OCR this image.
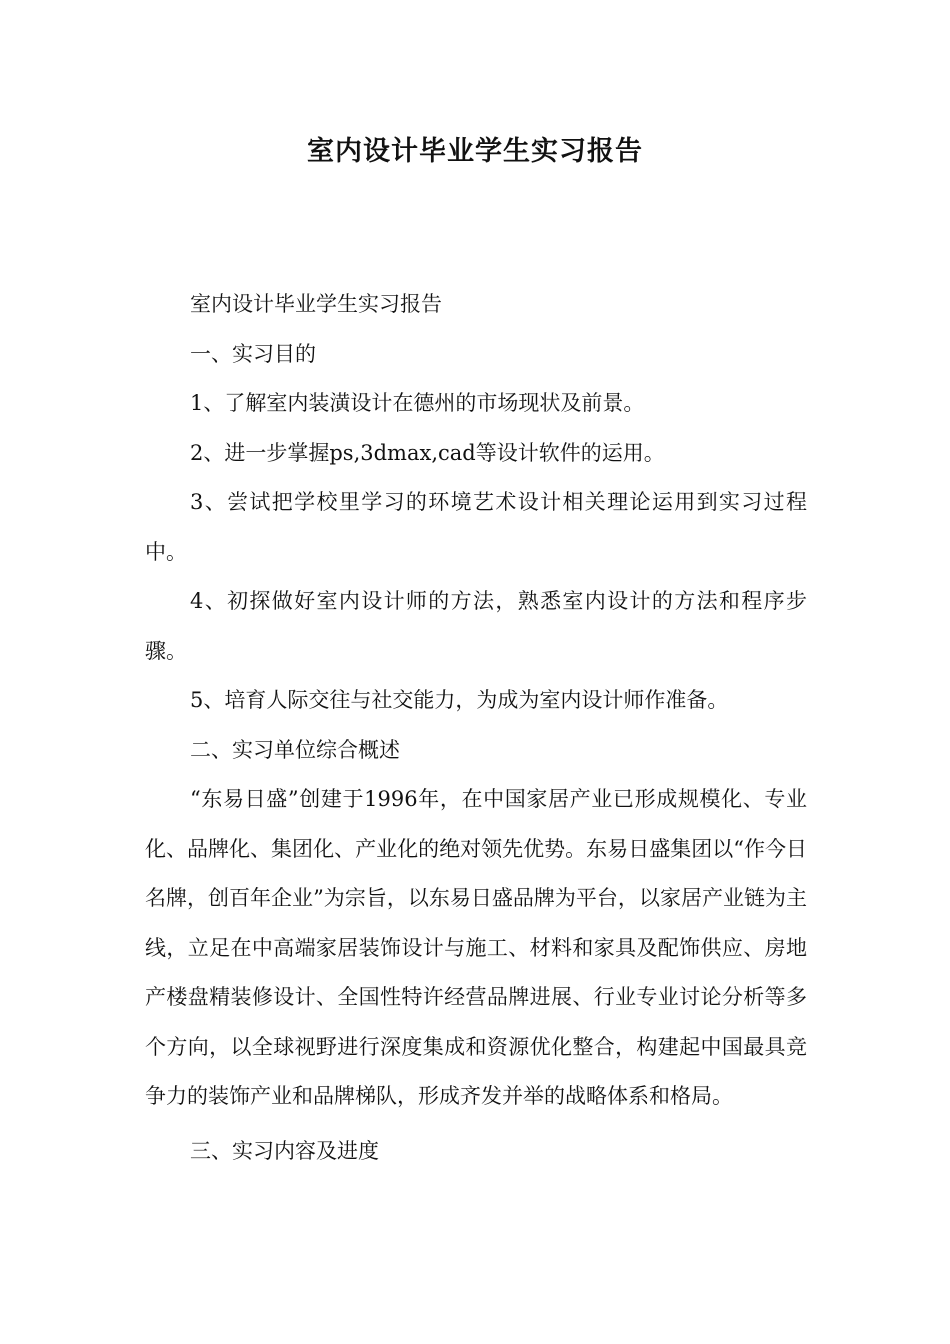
室内设计毕业学生实习报告

室内设计毕业学生实习报告

一、实习目的

1、了解室内装潢设计在德州的市场现状及前景。

2、进一步掌握ps,3dmax,cad等设计软件的运用。

3、尝试把学校里学习的环境艺术设计相关理论运用到实习过程中。

4、初探做好室内设计师的方法，熟悉室内设计的方法和程序步骤。

5、培育人际交往与社交能力，为成为室内设计师作准备。

二、实习单位综合概述

“东易日盛”创建于1996年，在中国家居产业已形成规模化、专业化、品牌化、集团化、产业化的绝对领先优势。东易日盛集团以“作今日名牌，创百年企业”为宗旨，以东易日盛品牌为平台，以家居产业链为主线，立足在中高端家居装饰设计与施工、材料和家具及配饰供应、房地产楼盘精装修设计、全国性特许经营品牌进展、行业专业讨论分析等多个方向，以全球视野进行深度集成和资源优化整合，构建起中国最具竞争力的装饰产业和品牌梯队，形成齐发并举的战略体系和格局。

三、实习内容及进度
